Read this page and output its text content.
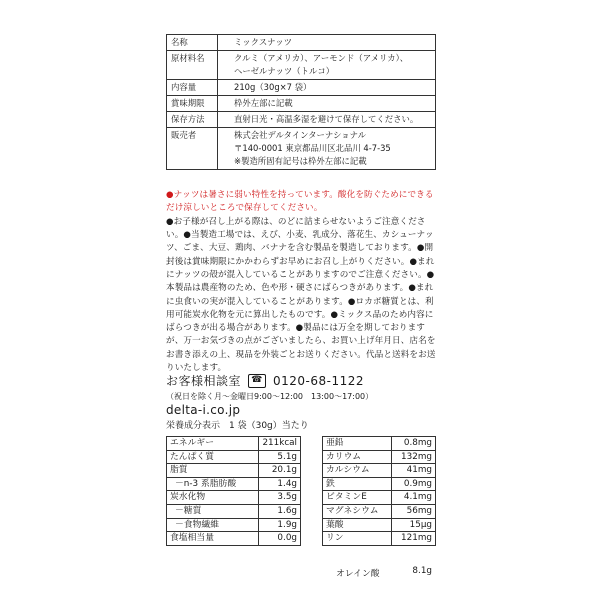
名称	ミックスナッツ

原材料名	クルミ（アメリカ）、アーモンド（アメリカ）、
ヘーゼルナッツ（トルコ）

内容量	210g（30g×7 袋）

賞味期限	枠外左部に記載

保存方法	直射日光・高温多湿を避けて保存してください。

販売者	株式会社デルタインターナショナル
〒140-0001 東京都品川区北品川 4-7-35
※製造所固有記号は枠外左部に記載

●ナッツは暑さに弱い特性を持っています。酸化を防ぐためにできるだけ涼しいところで保存してください。

●お子様が召し上がる際は、のどに詰まらせないようご注意ください。●当製造工場では、えび、小麦、乳成分、落花生、カシューナッツ、ごま、大豆、鶏肉、バナナを含む製品を製造しております。●開封後は賞味期限にかかわらずお早めにお召し上がりください。●まれにナッツの殻が混入していることがありますのでご注意ください。●本製品は農産物のため、色や形・硬さにばらつきがあります。●まれに虫食いの実が混入していることがあります。●ロカボ糖質とは、利用可能炭水化物を元に算出したものです。●ミックス品のため内容にばらつきが出る場合があります。●製品には万全を期しておりますが、万一お気づきの点がございましたら、お買い上げ年月日、店名をお書き添えの上、現品を外装ごとお送りください。代品と送料をお送りいたします。

お客様相談室	☎ 0120-68-1122
（祝日を除く月～金曜日9:00～12:00　13:00～17:00）
delta-i.co.jp
栄養成分表示　1 袋（30g）当たり
エネルギー	211kcal
たんぱく質	5.1g
脂質	20.1g
－n-3 系脂肪酸	1.4g
炭水化物	3.5g
－糖質	1.6g
－食物繊維	1.9g
食塩相当量	0.0g
亜鉛	0.8mg
カリウム	132mg
カルシウム	41mg
鉄	0.9mg
ビタミンE	4.1mg
マグネシウム	56mg
葉酸	15μg
リン	121mg
オレイン酸	8.1g
